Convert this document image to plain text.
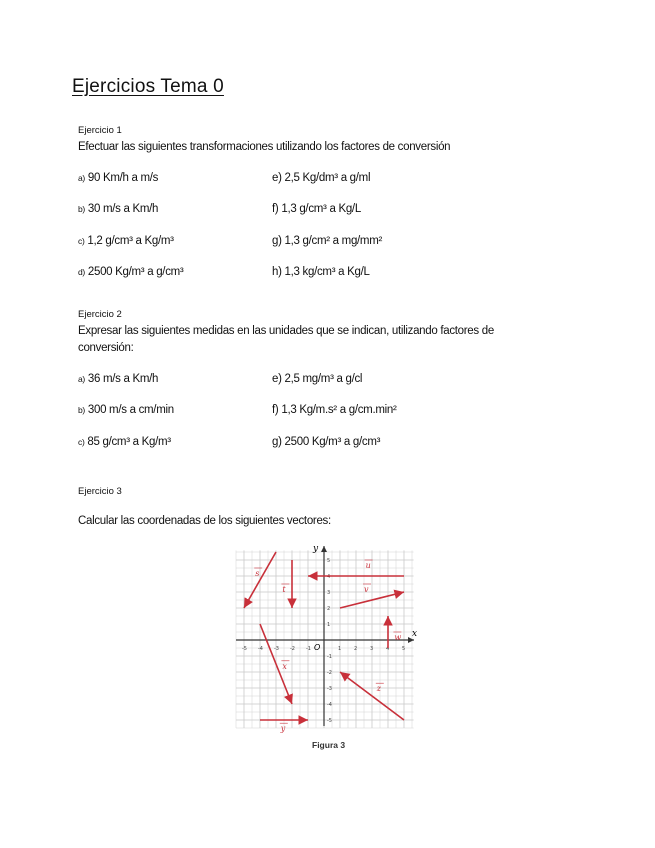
Ejercicios Tema 0
Ejercicio 1
Efectuar las siguientes transformaciones utilizando los factores de conversión
a) 90 Km/h a m/s
b) 30 m/s a Km/h
c) 1,2 g/cm³ a Kg/m³
d) 2500 Kg/m³ a g/cm³
e) 2,5 Kg/dm³ a g/ml
f) 1,3 g/cm³ a Kg/L
g) 1,3 g/cm² a mg/mm²
h) 1,3 kg/cm³ a Kg/L
Ejercicio 2
Expresar las siguientes medidas en las unidades que se indican, utilizando factores de conversión:
a) 36 m/s a Km/h
b) 300 m/s a cm/min
c) 85 g/cm³ a Kg/m³
e) 2,5 mg/m³ a g/cl
f) 1,3 Kg/m.s² a g/cm.min²
g) 2500 Kg/m³ a g/cm³
Ejercicio 3
Calcular las coordenadas de los siguientes vectores:
x
y
O
-5 -4 -3 -2 -1	1	2	3	4	5
5
4
3
2
1
-1
-2
-3
-4
-5
u
s
t	v
w
x
z
y
Figura 3
